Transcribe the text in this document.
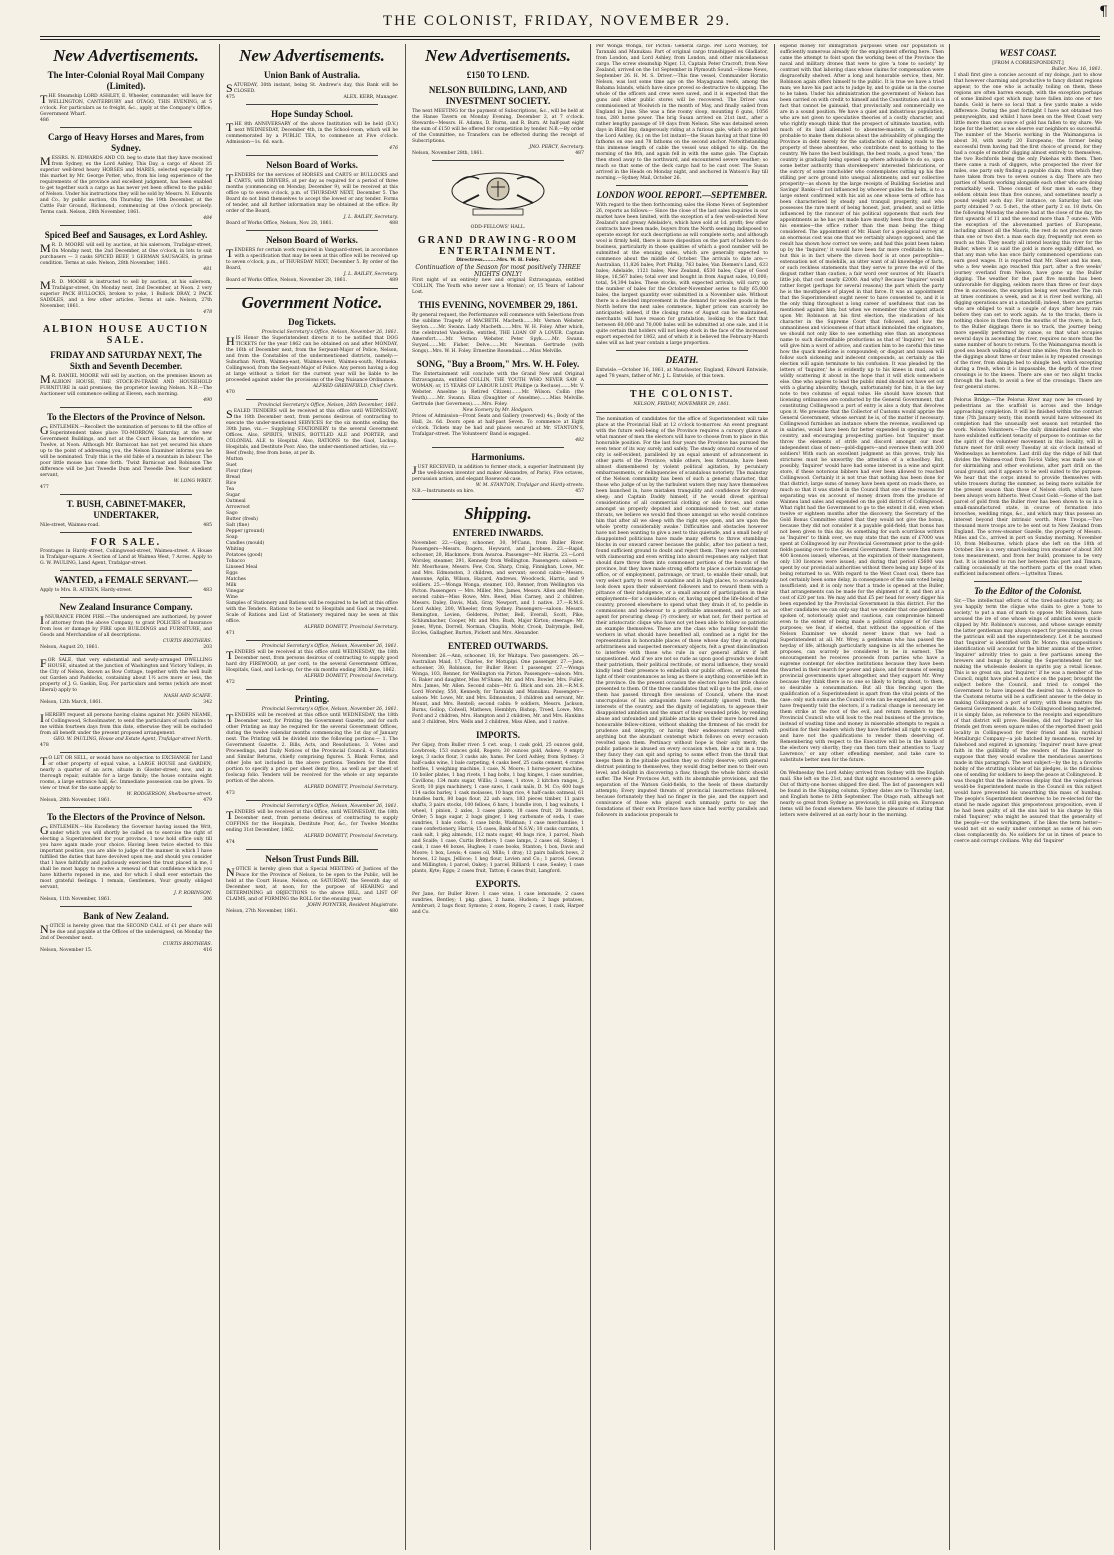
THE COLONIST, FRIDAY, NOVEMBER 29.
¶
New Advertisements.
The Inter-Colonial Royal Mail Company (Limited).

THE Steamship LORD ASHLEY, E. Wheeler, commander, will leave for WELLINGTON, CANTERBURY and OTAGO, THIS EVENING, at 5 o'clock. For particulars as to freight, &c., apply at the Company's Office, Government Wharf.

486

Cargo of Heavy Horses and Mares, from Sydney.

MESSRS. N. EDWARDS AND CO. beg to state that they have received from Sydney, ex the Lord Ashley, This Day, a cargo of About 35 superior well-bred heavy HORSES and MARES, selected especially for this market by Mr. George Potter, who, from his long experience of the requirements of the province and excellent judgment, has been enabled to get together such a cargo as has never yet been offered to the public of Nelson. Under his instructions they will be sold by Messrs. N. Edwards and Co., by public auction, On Thursday, the 19th December, at the Cattle Fair Ground, Richmond, commencing at One o'clock precisely. Terms cash. Nelson, 28th November, 1861.

484

Spiced Beef and Sausages, ex Lord Ashley.

MR. D. MOORE will sell by auction, at his saleroom, Trafalgar-street, On Monday next, the 2nd December, at One o'clock, in lots to suit purchasers — 3 casks SPICED BEEF, 1 GERMAN SAUSAGES, in prime condition. Terms at sale. Nelson, 28th November, 1861.

481

MR. D. MOORE is instructed to sell by auction, at his saleroom, Trafalgar-street, On Monday next, 2nd December, at Noon. 2 very superior PACK BULLOCKS, broken to yoke, 1 Bullock DRAY, 2 PACK SADDLES, and a few other articles. Terms at sale. Nelson, 27th November, 1861.

478

ALBION HOUSE AUCTION SALE.
FRIDAY AND SATURDAY NEXT, The Sixth and Seventh December.

MR. DANIEL MOORE will sell by auction, on the premises known as ALBION HOUSE, THE STOCK-IN-TRADE AND HOUSEHOLD FURNITURE in said premises; the proprietor leaving Nelson. N.B.—The Auctioneer will commence selling at Eleven, each morning.

490

To the Electors of the Province of Nelson.

GENTLEMEN.—Recollect the nomination of persons to fill the office of Superintendent takes place TO-MORROW, Saturday, at the new Government Buildings, and not at the Court House, as heretofore, at Twelve, at Noon. Although Mr. Barnicoat has not yet secured his share up to the point of addressing you, the Nelson Examiner informs you he will be nominated. Truly this is the old fable of a mountain in labour. The poor little mouse has come forth. 'Twixt Barnicoat and Robinson The difference will be Just Tweedle Dum and Tweedle Dee. Your obedient servant,

W. LONG WREY.

477

T. BUSH, CABINET-MAKER, UNDERTAKER,
Nile-street, Waimea-road.	485
FOR SALE.

Frontages in Hardy-street, Collingwood-street, Waimea-street. A House in Trafalgar-square. A Section of Land at Waimea West, 7 Acres. Apply to G. W. PAULING, Land Agent, Trafalgar-street.

WANTED, a FEMALE SERVANT.—
Apply to Mrs. R. AITKEN, Hardy-street.	483
New Zealand Insurance Company.

INSURANCE FROM FIRE.—The undersigned are authorized, by power of attorney from the above Company, to grant POLICIES of Insurance from loss or damage by FIRE upon BUILDINGS and FURNITURE, and Goods and Merchandise of all descriptions.

CURTIS BROTHERS.

Nelson, August 20, 1861.	203

FOR SALE, that very substantial and newly-arranged DWELLING HOUSE, situated at the junction of Washington and Victory Valleys, in the City of Nelson, known as Bow Cottage, together with the well built out Garden and Paddocks, containing about 1½ acre more or less, the property of J. G. Gaskin, Esq. For particulars and terms (which are most liberal) apply to

NASH AND SCAIFE.

Nelson, 12th March, 1861.	342

IHEREBY request all persons having claims against Mr. JOHN NEAME, of Collingwood, Schoolmaster, to send the particulars of such claims to me within fourteen days from this date, otherwise they will be excluded from all benefit under the present proposed arrangement.

GEO. W. PAULING, House and Estate Agent, Trafalgar-street North.

478

TO LET OR SELL, or would have no objection to EXCHANGE for Land or other property of equal value, a LARGE HOUSE and GARDEN, nearly a quarter of an acre, situate in Gloster-street; now, and in thorough repair, suitable for a large family; the house contains eight rooms, a large entrance hall, &c. Immediate possession can be given. To view or treat for the same apply to

W. RODGERSON, Shelbourne-street.

Nelson, 28th November, 1861.	479
To the Electors of the Province of Nelson.

GENTLEMEN.—His Excellency the Governor having issued the Writ, under which you will shortly be called on to exercise the right of electing a Superintendent for your province, I now hold office only till you have again made your choice. Having been twice elected to this important position, you are able to judge of the manner in which I have fulfilled the duties that have devolved upon me; and should you consider that I have faithfully and judiciously exercised the trust placed in me, I shall be most happy to receive a renewal of that confidence which you have hitherto reposed in me, and for which I shall ever entertain the most grateful feelings. I remain, Gentlemen, Your greatly obliged servant,

J. P. ROBINSON.

Nelson, 11th November, 1861.	306
Bank of New Zealand.

NOTICE is hereby given that the SECOND CALL of £1 per share will be due and payable at the Offices of the undersigned, on Monday the 2nd of December next.

CURTIS BROTHERS.

Nelson, November 15.	416
New Advertisements.
Union Bank of Australia.

SATURDAY, 30th instant, being St. Andrew's day, this Bank will be CLOSED.

475	ALEX. KERR, Manager.
Hope Sunday School.

THE 8th ANNIVERSARY of the above Institution will be held (D.V.) next WEDNESDAY, December 4th, in the School-room, which will be commemorated by a PUBLIC TEA, to commence at Five o'clock. Admission—1s. 6d. each.

476

Nelson Board of Works.

TENDERS for the services of HORSES and CARTS or BULLOCKS and CARTS, with DRIVERS, at per day as required for a period of three months (commencing on Monday, December 9), will be received at this office up to seven o'clock, p.m. of THURSDAY NEXT, December 5. The Board do not bind themselves to accept the lowest or any tender. Forms of tender, and all further information may be obtained at the office. By order of the Board,

J. L. BAILEY, Secretary.

Board of Works Office, Nelson, Nov. 28, 1861.	488
Nelson Board of Works.

TENDERS for certain work required in Vanguard-street, in accordance with a specification that may be seen at this office will be received up to seven o'clock, p.m., of THURSDAY NEXT, December 5. By order of the Board,

J. L. BAILEY, Secretary.

Board of Works Office, Nelson, November 28, 1861.	489
Government Notice.
Dog Tickets.

Provincial Secretary's Office, Nelson, November 26, 1861.

HIS Honor the Superintendent directs it to be notified that DOG TICKETS for the year 1862 can be obtained on and after MONDAY, the 16th of December next, from the Serjeant-Major of Police, Nelson, and from the Constables of the undermentioned districts, namely:— Suburban North, Waimea-east, Waimea-west, Waimea-south, Motueka. Collingwood, from the Serjeant-Major of Police. Any person having a dog at large without a ticket for the current year will be liable to be proceeded against under the provisions of the Dog Nuisance Ordinance.

ALFRED GREENFIELD, Chief Clerk.

470

Provincial Secretary's Office, Nelson, 26th December, 1861.

SEALED TENDERS will be received at this office until WEDNESDAY, the 18th December next, from persons desirous of contracting to execute the under-mentioned SERVICES for the six months ending the 30th June, viz.:— Supplying STATIONERY to the several Government Offices. Also, SPIRITS, WINES, BOTTLED ALE and PORTER, and COLONIAL ALE to Hospital. Also, RATIONS to the Gaol, Lockup, Hospitals, and Destitute Poor. Also, the under-mentioned articles, viz.:—

Beef (fresh), free from bone, at per lb.

Mutton

Suet

Flour (fine)

Bread

Rice

Tea

Sugar

Oatmeal

Arrowroot

Sago

Butter (fresh)

Salt (fine)

Pepper (ground)

Soap

Candles (mould)

Whiting

Potatoes (good)

Tobacco

Linseed Meal

Eggs

Matches

Milk

Vinegar

Wine

Samples of Stationery and Rations will be required to be left at this office with the Tenders. Rations to be sent to Hospitals and Gaol as required. Scale of Rations and List of Stationery required may be seen at this office.

ALFRED DOMETT, Provincial Secretary.

471

Provincial Secretary's Office, Nelson, November 26, 1861.

TENDERS will be received at this office until WEDNESDAY, the 18th December next, from persons desirous of contracting to supply good hard dry FIREWOOD, at per cord, to the several Government Offices, Hospitals, Gaol, and Lock-up, for the six months ending 30th June, 1862.

ALFRED DOMETT, Provincial Secretary.

472

Printing.

Provincial Secretary's Office, Nelson, November 26, 1861.

TENDERS will be received at this office until WEDNESDAY, the 18th December next, for Printing the Government Gazette, and for such other Printing as may be required for the several Government Offices, during the twelve calendar months commencing the 1st day of January next. The Printing will be divided into the following portions:— 1. The Government Gazette. 2. Bills, Acts, and Resolutions. 3. Votes and Proceedings, and Daily Notices of the Provincial Council. 4. Statistics and Similar Returns, chiefly comprising figures. 5. Blank Forms, and other Jobs not included in the above portions. Tenders for the first portion to specify a price per sheet demy 8vo, as well as per sheet of foolscap folio. Tenders will be received for the whole or any separate portion of the above.

ALFRED DOMETT, Provincial Secretary.

473

Provincial Secretary's Office, Nelson, November 26, 1861.

TENDERS will be received at this Office, until WEDNESDAY, the 18th December next, from persons desirous of contracting to supply COFFINS for the Hospitals, Destitute Poor, &c., for Twelve Months ending 31st December, 1862.

ALFRED DOMETT, Provincial Secretary.

474

Nelson Trust Funds Bill.

NOTICE is hereby given that a Special MEETING of Justices of the Peace for the Province of Nelson, to be open to the Public, will be held at the Court House, Nelson, on SATURDAY, the Seventh day of December next, at noon, for the purpose of HEARING and DETERMINING all OBJECTIONS to the above BILL, and LIST OF CLAIMS, and of FORMING the ROLL for the ensuing year.

JOHN POYNTER, Resident Magistrate.

Nelson, 27th November, 1861.	480
New Advertisements.
£150 TO LEND.
NELSON BUILDING, LAND, AND INVESTMENT SOCIETY.

The next MEETING for the payment of Subscriptions, &c., will be held at the Hanse Tavern on Monday Evening, December 2, at 7 o'clock. Stewards—Messrs. H. Adams, D. Burns, and R. Burn. At half-past eight the sum of £150 will be offered for competition by tender. N.B.—By order of the Committee, no Transfers can be effected during the receipt of Subscriptions.

JNO. PERCY, Secretary.

Nelson, November 28th, 1861.	487

ODD-FELLOWS' HALL.

GRAND DRAWING-ROOM ENTERTAINMENT.

Directress.........Mrs. W. H. Foley.

Continuation of the Season for most positively THREE NIGHTS ONLY!

First night of an entirely new and original Extravaganza, entitled 'COLLIN, The Youth who never saw a Woman'; or, 15 Years of Labour Lost.

THIS EVENING, NOVEMBER 29, 1861.

By general request, the Performance will commence with Selections from the sublime Tragedy of MACBETH. Macbeth.......Mr. Vernon Webster. Seyton.......Mr. Swann. Lady Macbeth.......Mrs. W. H. Foley. After which, the celebrated Vaudeville, entitled, THE LOAN OF A LOVER. Captain Amersfort.......Mr. Vernon Webster. Peter Spyk.......Mr. Swann. Swyzel.......Mr. Fisher. Delve.......Mr. Newman. Gertrude (with Songs)...Mrs. W. H. Foley. Ernestine Rosendaal......Miss Melville.

SONG, "Buy a Broom," Mrs. W. H. Foley.

The Entertainment will conclude with the Grand New and Original Extravaganza, entitled COLLIN, THE YOUTH WHO NEVER SAW A WOMAN; or, 15 YEARS OF LABOUR LOST. Phillipe (a Recluse).......Mr. V. Webster. Anselme (a Retired Citizen).......Mr. Wilson. Collin (the Youth).......Mr. Swann. Eliza (Daughter of Anselme).......Miss Melville. Gertrude (her Governess).......Mrs. Foley.

New Scenery by Mr. Hodgson.

Prices of Admission—Front Seats and Gallery (reserved) 4s.; Body of the Hall, 2s. 6d. Doors open at half-past Seven. To commence at Eight o'clock. Tickets may be had and places secured at Mr. STANTON'S, Trafalgar-street. The Volunteers' Band is engaged.

482

Harmoniums.

JUST RECEIVED, in addition to former stock, a superior Instrument (by the well-known inventor and maker Alexandre, of Paris). Five octaves, percussion action, and elegant Rosewood case.

W. M. STANTON, Trafalgar and Hardy-streets.

N.B.—Instruments on hire.	457
Shipping.
ENTERED INWARDS.

November. 22.—Gipsy, schooner, 30, M'Cann, from Buller River. Passengers—Messrs. Rogers, Heyward, and Jacobsen. 23.—Rapid, schooner, 20, Blackmore, from Awaroa. Passenger—Mr. Harris. 23.—Lord Worsley, steamer, 291, Kennedy from Wellington. Passengers: saloon — Mr. Moorhouse, Messrs. Few, Cox, Sharp, Craig, Finnighan, Lowe, Mr. and Mrs. Edmonston, 3 children, and servant; second cabin—Messrs. Ansonne, Aplin, Wilson, Hayard, Andrews, Woodcock, Harris, and 9 soldiers. 25.—Wonga Wonga, steamer, 103, Renner, from Wellington via Picton. Passengers — Mrs. Miller, Mrs. James, Messrs. Allen and Weller; second cabin—Miss Rowe, Mrs. Reed, Miss Carney, and 2 children. Messrs. Daley, Davis, Mah, Gray, Newport, and 1 native. 27.—R.M.S. Lord Ashley, 200, Wheeler, from Sydney. Passengers—saloon: Messrs. Remington, Levien, Gelderes, Potter, Bell, Everall, Scott, Pike, Schlumbacher, Cooper, Mr. and Mrs. Bush, Major Kirton; steerage: Mr. Jones, Wynn, Dorrell, Norman, Chaplin, Mohr, Crook, Dalrymple, Bell, Eccles, Gallagher, Burton, Pickett and Mrs. Alexander.

ENTERED OUTWARDS.

November. 26.—Ann, schooner, 18, for Waitapu. Two passengers. 26.—Australian Maid, 17, Charles, for Motupipi. One passenger. 27.—Jane, schooner, 30, Robinson, for Buller River. 1 passenger. 27.—Wonga Wonga, 103, Renner, for Wellington via Picton. Passengers—saloon: Mrs. G. Baker and daughter, Miss M'Shane, Mr. and Mrs. Bowler, Mrs. Fuller, Mrs. James, Mr. Allen. Second cabin—Mr. G. Blick and son. 28.—R.M.S. Lord Worsley, 550, Kennedy, for Taranaki and Manukau. Passengers—saloon: Mr. Lowe, Mr. and Mrs. Edmonston, 3 children and servant, Mr. Mount, and Mrs. Rentell; second cabin: 9 soldiers, Messrs. Jackson, Burns, Gollop, Colwell, Mathews, Hemblyn, Bishop, Troed, Lowe, Mrs. Ford and 2 children, Mrs. Hampton and 2 children, Mr. and Mrs. Hankins and 3 children, Mrs. Wells and 2 children, Miss Allen, and 1 native.

IMPORTS.

Per Gipsy, from Buller river: 5 cwt. soap, 1 cask gold, 25 ounces gold, Lowbrook; 153 ounces gold, Rogers; 30 ounces gold, Askew; 9 empty kegs, 3 sacks flour, 3 casks ale, hams. Per Lord Ashley, from Sydney: 3 half-casks wine, 1 bale carpeting, 4 casks beef, 25 casks cement, 4 crates bottles, 1 weighing machine, 1 case, N. Moore; 1 horse-power machine, 10 boiler plates, 1 bag rivets, 1 bag bolts, 1 bag hinges, 1 case sundries, Cavillons; 134 mats sugar, Willis; 3 cases, 1 stove, 2 kitchen ranges, J. Scott; 10 pigs machinery, 1 case saws, 1 cask nails, D. M. Co; 600 bags 114 sacks barley, 1 cask molasses, 10 bags rice, 4 half-casks oatmeal, 61 bundles bark, 80 bags flour, 22 ash oars, 183 pieces timber, 11 pairs shafts, 3 pairs stocks, 100 felloes, 6 bars, 1 bundle iron, 1 bag walnuts, 1 wheel, 1 pinion, 2 axles, 3 cases plants, 18 cases fruit, 20 bundles, Order; 5 bags sugar, 2 bags ginger, 1 keg carbonate of soda, 1 case sundries, 1 bale corks, 1 case birds, Wadman; 1 case merchandise, 1 case confectionery, Harris; 15 cases, Bank of N.S.W.; 10 casks currants, 1 cask salt, 1 pkg almonds, 112 mats sugar, 40 bags rice, 1 parcel, Nash and Scaife; 1 case, Curtis Brothers; 1 case lamps, 2 cases oil, Staley; 1 cask, 1 case 48 boxes, Hughes; 1 case books, Stanton; 1 box, Davis and Moore; 1 box, Lewis; 4 cases oil, Mills; 1 dray; 12 pairs ballock bows, 2 horses, 12 bags, Jellicoe; 1 keg flour, Lovien and Co.; 1 parcel, Gowan and Millington; 1 parcel, Oakey; 1 parcel, Billiard; 1 case, Sealey; 1 case plants, Kyte; Eggs; 2 cases fruit, Tatton; 6 cases fruit, Langford.

EXPORTS.

Per Jane, for Buller River: 1 case wine, 1 case lemonade, 2 cases sundries, Bentley; 1 pkg. glass, 2 hams, Hudson; 2 bags potatoes, Armbrust; 2 bags flour, Symons; 2 oxen, Rogers; 2 cases, 1 cask, Harper and Co.

Per Wonga Wonga, for Picton: General cargo. Per Lord Worsley, for Taranaki and Manukau: Part of original cargo transhipped ex Gladiator, from London, and Lord Ashley, from London, and other miscellaneous cargo. The screw steamship Niger, 13, Captain Peter Cracroft, from New Zealand, arrived on the 1st September in Plymouth Sound.—Home News, September 26. H. M. S. Driver.—This fine vessel, Commander Horatio Nelson, was lost some time ago on the Mayaguana reefs, among the Bahama Islands, which have since proved so destructive to shipping. The whole of the officers and crew were saved, and it is expected that the guns and other public stores will be recovered. The Driver was commissioned at Woolwich in the month of May, and finally sailed from England in June. She was a fine roomy sloop, mounting 6 guns, 1056 tons, 280 horse power. The brig Susan arrived on 21st inst., after a rather lengthy passage of 19 days from Nelson. She was detained seven days in Blind Bay, dangerously riding at a furious gale, which so pitched the Lord Ashley, (k.) on the 1st instant—the Susan having at that time 80 fathoms on one and 78 fathoms on the second anchor. Notwithstanding this immense length of cable the vessel was obliged to slip. On the morning of the 8th, and again fell in with the same gale. The Captain then stood away to the northward, and encountered severe weather; so much so that some of the deck cargo had to be cast over. The Susan arrived in the Heads on Monday night, and anchored in Watson's Bay till morning.—Sydney Mail, October 26.

LONDON WOOL REPORT.—SEPTEMBER.

With regard to the then forthcoming sales the Home News of September 26, reports as follows:— Since the close of the last sales inquiries in our market have been limited, with the exception of a few well-selected New Zealand's and greasy Adelaide's, which have sold at 1d. profit; few other contracts have been made, buyers from the North seeming indisposed to operate except for such descriptions as will complete sorts; and although wool is firmly held, there is more disposition on the part of holders to do business, particularly in those qualities of which a good number will be submitted at the ensuing sales, which are generally expected to commence about the middle of October. The arrivals to date are:—Australian, 11,826 bales; Port Phillip, 763 bales; Van Diemen's Land, 633 bales; Adelaide, 1121 bales; New Zealand, 6530 bales; Cape of Good Hope, 16,567 bales; total over and bought in from August sales, 10,000; total, 54,394 bales. These stocks, with expected arrivals, will carry up the number of bales for the October-November series to fully 65,000 bales, the largest quantity ever submitted in a November sale. Without there is a decided improvement in the demand for woollen goods in the North before the next sales commence, higher prices can scarcely be anticipated; indeed, if the closing rates of August can be maintained, merchants will have reason for gratulation, looking to the fact that between 60,000 and 70,000 bales will be submitted at one sale, and it is quite certain that holders will not keep stock in the face of the increased export expected for 1862, and of which it is believed the February-March sales will as last year contain a large proportion.

DEATH.

Entwisle.—October 16, 1861, at Manchester, England, Edward Entwisle, aged 78 years, father of Mr. J. L. Entwisle, of this town.

THE COLONIST.

NELSON, FRIDAY, NOVEMBER 29, 1861.

The nomination of candidates for the office of Superintendent will take place at the Provincial Hall at 12 o'clock to-morrow. An event pregnant with the future well-being of the Province requires a cursory glance at what manner of men the electors will have to choose from to place in this honorable position. For the last four years the Province has pursued the even tenor of its way surely and safely. The steady onward course of our city is self-evident, paralleled by an equal amount of advancement in other parts of the Province; while others, less fortunate, have been almost dismembered by violent political agitation, by pecuniary embarrassments, or delinquencies of scandalous notoriety. The mainstay of the Nelson community has been of such a general character, that those who judge of us by the turbulent waters they may have themselves been launched in, have mistaken tranquility and confidence for drowsy sleep; and Captain Daddy himself, if he would divest spiritual considerations of all commercial clothing or side forces, and come amongst us properly deputed and commissioned to test our statue throats, we believe we would find those amongst us who would convince him that after all we sleep with the right eye open, and are upon the whole 'pretty considerably awake.' Difficulties and obstacles however have not been wanting to give a zest to this quietude, and a small body of disappointed politicians have made many efforts to throw stumbling-blocks in our onward career because the public, after too patient a test, found sufficient ground to doubt and reject them. They were not content with clamouring and even writing into absurd responses any subject that should dare throw them into commonest portions of the bounds of the province, but they have made strong efforts to place a certain vantage of office, or of employment, patronage, or trust, to enable their small, but very select party to revel in sunshine and in high places, to occasionally look down upon their subservient followers and to reward them with a pittance of their indulgence, or a small amount of participation in their employments—for a consideration; or, having sapped the life-blood of the country, proceed elsewhere to spend what they drain it of, to peddle in commissions and indeavour to a profitable amusement, and to act as agent for procuring cheap (?) crockery, or what not, for their portion of their aristocratic clique who have not yet been able to follow so patriotic an example themselves. These are the class who having foretold the workers in what should have benefited all, confined as a right for the representation in honorable places of those whose day they in original arbitrariness and suspected mercenary objects, felt a great disinclination to interfere with those who rule in our general affairs if left unquestioned. And if we are not so rude as upon good grounds we doubt their patriotism, their political rectitude, or moral influence, they would kindly lend their presence to embellish our public offices, or extend the light of their countenances as long as there is anything convertible left in the province. On the present occasion the electors have but little choice presented to them. Of the three candidates that will go to the poll, one of them has passed through five sessions of Council, where the most unscrupulous of his antagonists have constantly ignored truth, the interests of the country, and the dignity of legislation, to appease their disappointed ambition and the smart of their wounded pride, by vending abuse and unfounded and pitiable attacks upon their more honored and honourable fellow-citizen, without shaking the firmness of his credit for prudence and integrity, or having their endeavours returned with anything but the abundant contempt which follows on every occasion revolted upon them. Pertinacy without hope is their only merit; the public patience is abused on every occasion when, like a rat in a trap, they fancy they can spit and spring to some effect from the thrall that keeps them in the pitiable position they so richly deserve; with general distrust pointing to themselves, they would drag better men to their own level, and delight in discovering a flaw, though the whole fabric should suffer. The New Provinces Act, with its abominable provisions, and the separation of the Watson Gold-fields, to the heels of these dastardly attempts; Every imputed threats of provincial insurrections followed, because fortunately they had no finger in the pie, and the support and connivance of those who played such unmanly parts to say the foundations of their own Province have since had worthy parallels and followers in audacious proposals to

expend money for immigration purposes when our population is sufficiently numerous already for the employment offering here. Then came the attempt to foist upon the working bees of the Province the naval and military drones that were to give 'a tone to society' by contrast with that laboring class whose claims for compensation were disgracefully shelved. After a long and honorable service, then, Mr. Robinson again offers himself to the public. It is true we have a tried man; we have his past acts to judge by, and to guide us in the course to be taken. Under his administration the government of Nelson has been carried on with credit to himself and the Constitution: and it is a fact that cannot be gainsaid, that provincially and commercially we are in a sound position. We have a quiet and industrious population, who are not given to speculative theories of a costly character, and who rightly enough think that the prospect of ultimate taxation, with much of its land alienated to absentee-masters, is sufficiently probable to make them dubious about the advisability of plunging the Province in debt merely for the satisfaction of making roads to the property of these absentees, who contribute next to nothing to the country. We have the best buildings, the best roads, a good 'tone,' the country is gradually being opened up where advisable to do so, upon some better authority than storekeepers' interested fabrications, or the outcry of some rancholder who contemplates cutting up his fine stilling per acre ground into unequal allotments; and our collective prosperity—as shown by the large receipts of Building Societies and Savings' Banks—if not influenced by whoever guides the helm, is to a large extent confirmed with his aid as one whose term of office has been characterised by steady and tranquil prosperity, and who possesses the rare merit of being honest, just, prudent, and so little influenced by the rancour of his political opponents that such few appointments as he has yet made have mostly been from the camp of his enemies—the office rather than the man being the thing considered. The appointment of Mr. Haast for a geological survey at an enormous cost was one that we certainly always opposed, and the result has shown how correct we were; and had this point been taken up by the 'Inquirer,' it would have been far more creditable to him, but this is in fact where the cloven hoof is at once perceptible—extenuation not of molehills, an utter want of all knowledge of facts, or such reckless statements that they serve to prove the evil of the disgust rather than caution; a fair word over sources of Mr. Haast's little job, that cost nearly £2000. And why? Because 'Inquirer' would rather forget (perhaps for several reasons) the part which the party he is the mouthpiece of played in that farce. It was an appointment that the Superintendent ought never to have consented to, and it is the only thing throughout a long career of usefulness that can be mentioned against him; but when we remember the virulent attack upon Mr. Robinson at his first election, the vindication of his character in the Supreme Court that followed, and how the unmanliness and viciousness of that attack immolated the originators, we should not only like to see something else than an anonymous name to such discreditable productions as that of 'Inquirer;' but we will give him a word of advice, and caution him to be careful this time how the quack medicine is compounded; or disgust and nausea will follow such sickening and indecent compounds, as certainly as the election will again terminate to his confusion. It was pleaded by the letters of 'Inquirer,' he is evidently up to his knees in mud, and is wildly scattering it about in the hope that it will stick somewhere else. One who aspires to lead the public mind should not have set out with a glaring absurdity, though, unfortunately for him, it is the key note to two columns of equal value. He should have known that licensing ordinances are conducted by the General Government, that constituting Collingwood a port of entry is also a duty that devolves upon it. We presume that the Collector of Customs would apprize the General Government, whose servant he is, of the matter if necessary. Collingwood furnishes an instance where the revenue, swallowed up in salaries, would have been far better expended in opening up the country, and encouraging prospecting parties: but 'Inquirer' must throw the elements of strife and discord amongst our most independent class of men—gold-diggers—and overawe them with 200 soldiers! With such an excellent judgment as this proves, truly his strictures must be unworthy the attention of a schoolboy. But, possibly, 'Inquirer' would have had some interest in a wine and spirit store, if these notorious bibbers had ever been allowed to reached Collingwood. Certainly it is not true that nothing has been done for that district; large sums of money have been spent on roads there, so much so that it was stated in the Council that one of the reasons for separating was on account of money drawn from the produce of Waimea land sales and expended on the gold district of Collingwood. What right had the Government to go to the extent it did, even when twelve or eighteen months after the discovery, the Secretary of the Gold Bonus Committee stated that they would not give the bonus, because they did not consider it a payable gold-field; that bonus has not been given to this day. As something for such scurrilous writers as 'Inquirer' to think over, we may state that the sum of £7000 was spent at Collingwood by our Provincial Government prior to the gold-fields passing over to the General Government. There were then more 400 licences issued; whereas, at the expiration of their management, only 130 licences were issued; and during that period £5600 was spent by our provincial authorities without there being any hope of its being returned to us. With regard to the West Coast coal, there has not certainly been some delay, in consequence of the sum voted being insufficient; and it is only now that a trade is opened at the Buller, that arrangements can be made for the shipment of it, and then at a cost of £20 per ton. We may add that £5 per head for every digger his been expended by the Provincial Government in this district. For the other candidates we can only say that we wonder that one gentleman spoken of, notoriously quiet and cautious, can compromise himself even to the extent of being made a political catspaw of for class purposes; we fear, if elected, that without the opposition of the Nelson Examiner we should never know that we had a Superintendent at all. Mr. Wrey, a gentleman who has passed the heyday of life, although particularly sanguine in all the schemes he proposes, can scarcely be considered to be in earnest. The encouragement he receives proceeds from parties who have a supreme contempt for elective institutions because they have been thwarted in their search for power and place, and for means of seeing provincial governments upset altogether, and they support Mr. Wrey because they think there is no one so likely to bring about, to them, so desirable a consummation. But all this fencing upon the qualification of a Superintendent is apart from the vital points of the case: only such sums as the Council vote can be expended, and, as we have frequently told the electors, if a radical change is necessary let them strike at the root of the evil, and return members to the Provincial Council who will look to the real business of the province, instead of wasting time and money in miserable attempts to regain a position for their leaders which they have forfeited all right to expect and have not the qualifications to render them deserving of. Remembering with respect to the Executive will be in the hands of the electors very shortly; they can then turn their attention to 'Lazy Lawrence,' or any other offending member, and take care to substitute better men for the future.

On Wednesday the Lord Ashley arrived from Sydney with the English mail. She left on the 21st, and that night encountered a severe gale. Out of thirty-one horses shipped five died. The list of passengers will be found in the Shipping column. Sydney dates are to Thursday last, and English home to 26th September. The Otago rush, although not nearly so great from Sydney as previously, is still going on. European items will be found elsewhere. We have the pleasure of stating that letters were delivered at an early hour in the morning.

WEST COAST.

[FROM A CORRESPONDENT.]

Buller, Nov. 16, 1861.

I shall first give a concise account of my doings, just to show that however charming and productive to fancy distant regions appear, to the one who is actually toiling on them, these regions are often barren enough, with the exception perhaps of some limited spot which may have fallen into one or two hands. Gold is here so local that a few yards make a wide difference. During the past fortnight I have not obtained two pennyweights, and whilst I have been on the West Coast very little more than one ounce of gold has fallen to my share. We hope for the better, as we observe our neighbors so successful. The number of the Maoris working in the Waimangaroa is about 30, with nearly 20 Europeans; the former being successful from having had the first choice of ground, for they had a couple of months' digging almost entirely to themselves, the two Rochfords being the only Pakehas with them. Then there came a rush of diggers, who prospected the river for miles, one party only finding a payable claim, from which they have taken from two to seven ounces a day. There are two parties of Maoris working alongside each other who are doing remarkably well. These consist of four men in each; they seldom obtain less than five ounces, and sometimes nearly a pound weight each day. For instance, on Saturday last one party obtained 7 oz. 5 dwt., the other party 2 oz. 18 dwts. On the following Monday the above had at the close of the day, the first upwards of 11 and the second more than 7 ounces. With the exception of the abovenamed parties of Europeans, including almost all the Maoris, the rest do not procure more than one or two dwt. a man each day, frequently not even so much as this. They nearly all intend leaving this river for the Buller, where it is said the gold is more equally diffused, so that any man who has once fairly commenced operations can earn good wages. It is reported that Mr. Skeet and his men, who a few weeks ago reached this part, after a five weeks' journey overland from Nelson, have gone up the Buller digging. The weather for the past five months has been unfavorable for digging, seldom more than three or four days free in succession, the exception being wet weather. The rain at times continues a week, and as it is river bed working, all digging operations are at a standstill; indeed, there are parties who are obliged to wait a couple of days after heavy rain before they can set to work again. As to the tracks, there is nothing choice in them from the mouths of the rivers; in fact, to the Buller diggings there is no track, the journey being more speedily performed by canoe, so that what occupies several days in ascending the river, requires no more than the same number of hours to return. To the Waimangaroa mouth is good sea beach walking of about nine miles; from the beach to the diggings about three or four miles is by repeated crossings of the river, from shingle bed to shingle bed, which excepting during a fresh, when it is impassable, the depth of the river crossings is to the knees. There are one or two slight tracks through the bush, to avoid a few of the crossings. There are four general stores.

Pelorus Bridge.—The Pelorus River may now be crossed by pedestrians as the scaffold is across and the bridge approaching completion. It will be finished within the contract time (7th January next); this month would have witnessed its completion had the unusually wet season not retarded the work. Nelson Volunteers.—The daily diminished number who have exhibited sufficient tenacity of purpose to continue so far the spirit of the volunteer movement in this locality, will in future meet for drill every Tuesday at six o'clock instead of Wednesdays as heretofore. Last drill day the ridge of hill that divides the Waimea-road from Toi-toi Valley, was made use of for skirmishing and other evolutions, after part drill on the usual ground, and it appears to be well suited to the purpose. We hear that the corps intend to provide themselves with white trousers during the summer, as being more suitable for the present season than those of Nelson cloth, which have been always worn hitherto. West Coast Gold.—Some of the last parcel of gold from the Buller river has been shown to us in a small-manufactured state, in course of formation into brooches, wedding rings, &c., and which may thus possess an interest beyond their intrinsic worth. More Troops.—Two thousand more troops are to be sent out to New Zealand from England. The screw-steamer Gazelle, the property of Messrs. Miles and Co., arrived in port on Sunday morning, November 10, from Melbourne, which place she left on the 18th of October. She is a very smart-looking iron steamer of about 300 tons measurement, and from her build, promises to be very fast. It is intended to run her between this port and Timaru, calling occasionally at the northern parts of the coast when sufficient inducement offers.—Lyttelton Times.

To the Editor of the Colonist.

Sir,—The intellectual efforts of the tired-and-butter party, as you happily term the clique who claim to give a 'tone to society,' to put a man of mark to oppose Mr. Robinson, have aroused the ire of one whose wings of ambition were quick-clipped by Mr. Robinson's success, and whose savage enmity the latter gentleman may always expect for presuming to cross the patrician will and the superintendency. Let it be assumed that 'Inquirer' is identified with Dr. Monro; this supposition's identification will account for the bitter animus of the writer. 'Inquirer' adroitly tries to gain a few partisans among the brewers and bungs by abusing the Superintendent for not making the wholesale dealers in spirits pay a retail license. This is no great sin, and 'Inquirer,' if he was a member of the Council, might have placed a notice on the paper, brought the subject before the Council, and tried to compel the Government to have imposed the desired tax. A reference to the Customs returns will be a sufficient answer to the delay in making Collingwood a port of entry; with these matters the General Government deals. As to Collingwood being neglected, it is simply false, as reference to the receipts and expenditure of that district will prove. Besides, did not 'Inquirer' or his friends get from seven square miles of the reported finest gold locality in Collingwood for their friend and his mythical Metallurgic Company—a job hatched by meanness, reared by falsehood and expired in ignominy. 'Inquirer' must have great faith in the gullibility of the readers of the Examiner to suppose that they would swallow the mendacious assertions made in this paragraph. The next subject—by the by, a favorite hobby of the strutting violater of his pledges, is the ridiculous one of sending for soldiers to keep the peace at Collingwood. It was thought that the indecorous display that the vainglorious would-be Superintendent made in the Council on this subject would have prevented his unearthing this mass of humbug. The people's Superintendent deserves to be re-elected for the stand he made against this preposterous proposition, even if he had been guilty of all the sins laid to his charge by this rabid 'Inquirer,' who might be assured that the generality of the people—or the workingmen, if he likes the term better—would not sit so easily under contempt as some of his own class complacently do. No soldiers for us in times of peace to coerce and corrupt civilians. Why did 'Inquirer'
